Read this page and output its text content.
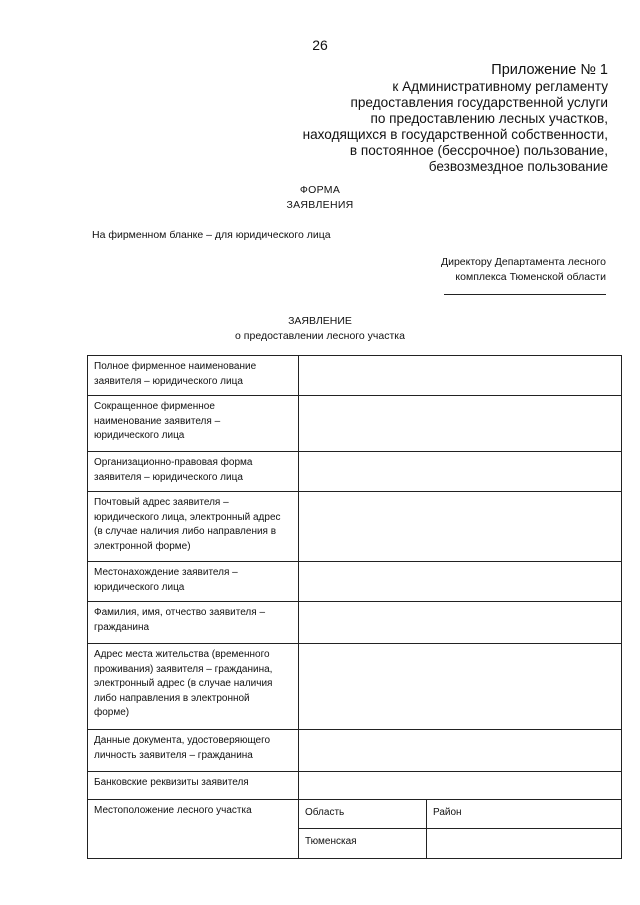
26
Приложение № 1
к Административному регламенту
предоставления государственной услуги
по предоставлению лесных участков,
находящихся в государственной собственности,
в постоянное (бессрочное) пользование,
безвозмездное пользование
ФОРМА
ЗАЯВЛЕНИЯ
На фирменном бланке – для юридического лица
Директору Департамента лесного
комплекса Тюменской области
ЗАЯВЛЕНИЕ
о предоставлении лесного участка
Полное фирменное наименование
заявителя – юридического лица		

Сокращенное фирменное
наименование заявителя –
юридического лица		

Организационно-правовая форма
заявителя – юридического лица		

Почтовый адрес заявителя –
юридического лица, электронный адрес
(в случае наличия либо направления в
электронной форме)		

Местонахождение заявителя –
юридического лица		

Фамилия, имя, отчество заявителя –
гражданина		

Адрес места жительства (временного
проживания) заявителя – гражданина,
электронный адрес (в случае наличия
либо направления в электронной
форме)		

Данные документа, удостоверяющего
личность заявителя – гражданина		

Банковские реквизиты заявителя		

Местоположение лесного участка	Область	Район
	Тюменская	
